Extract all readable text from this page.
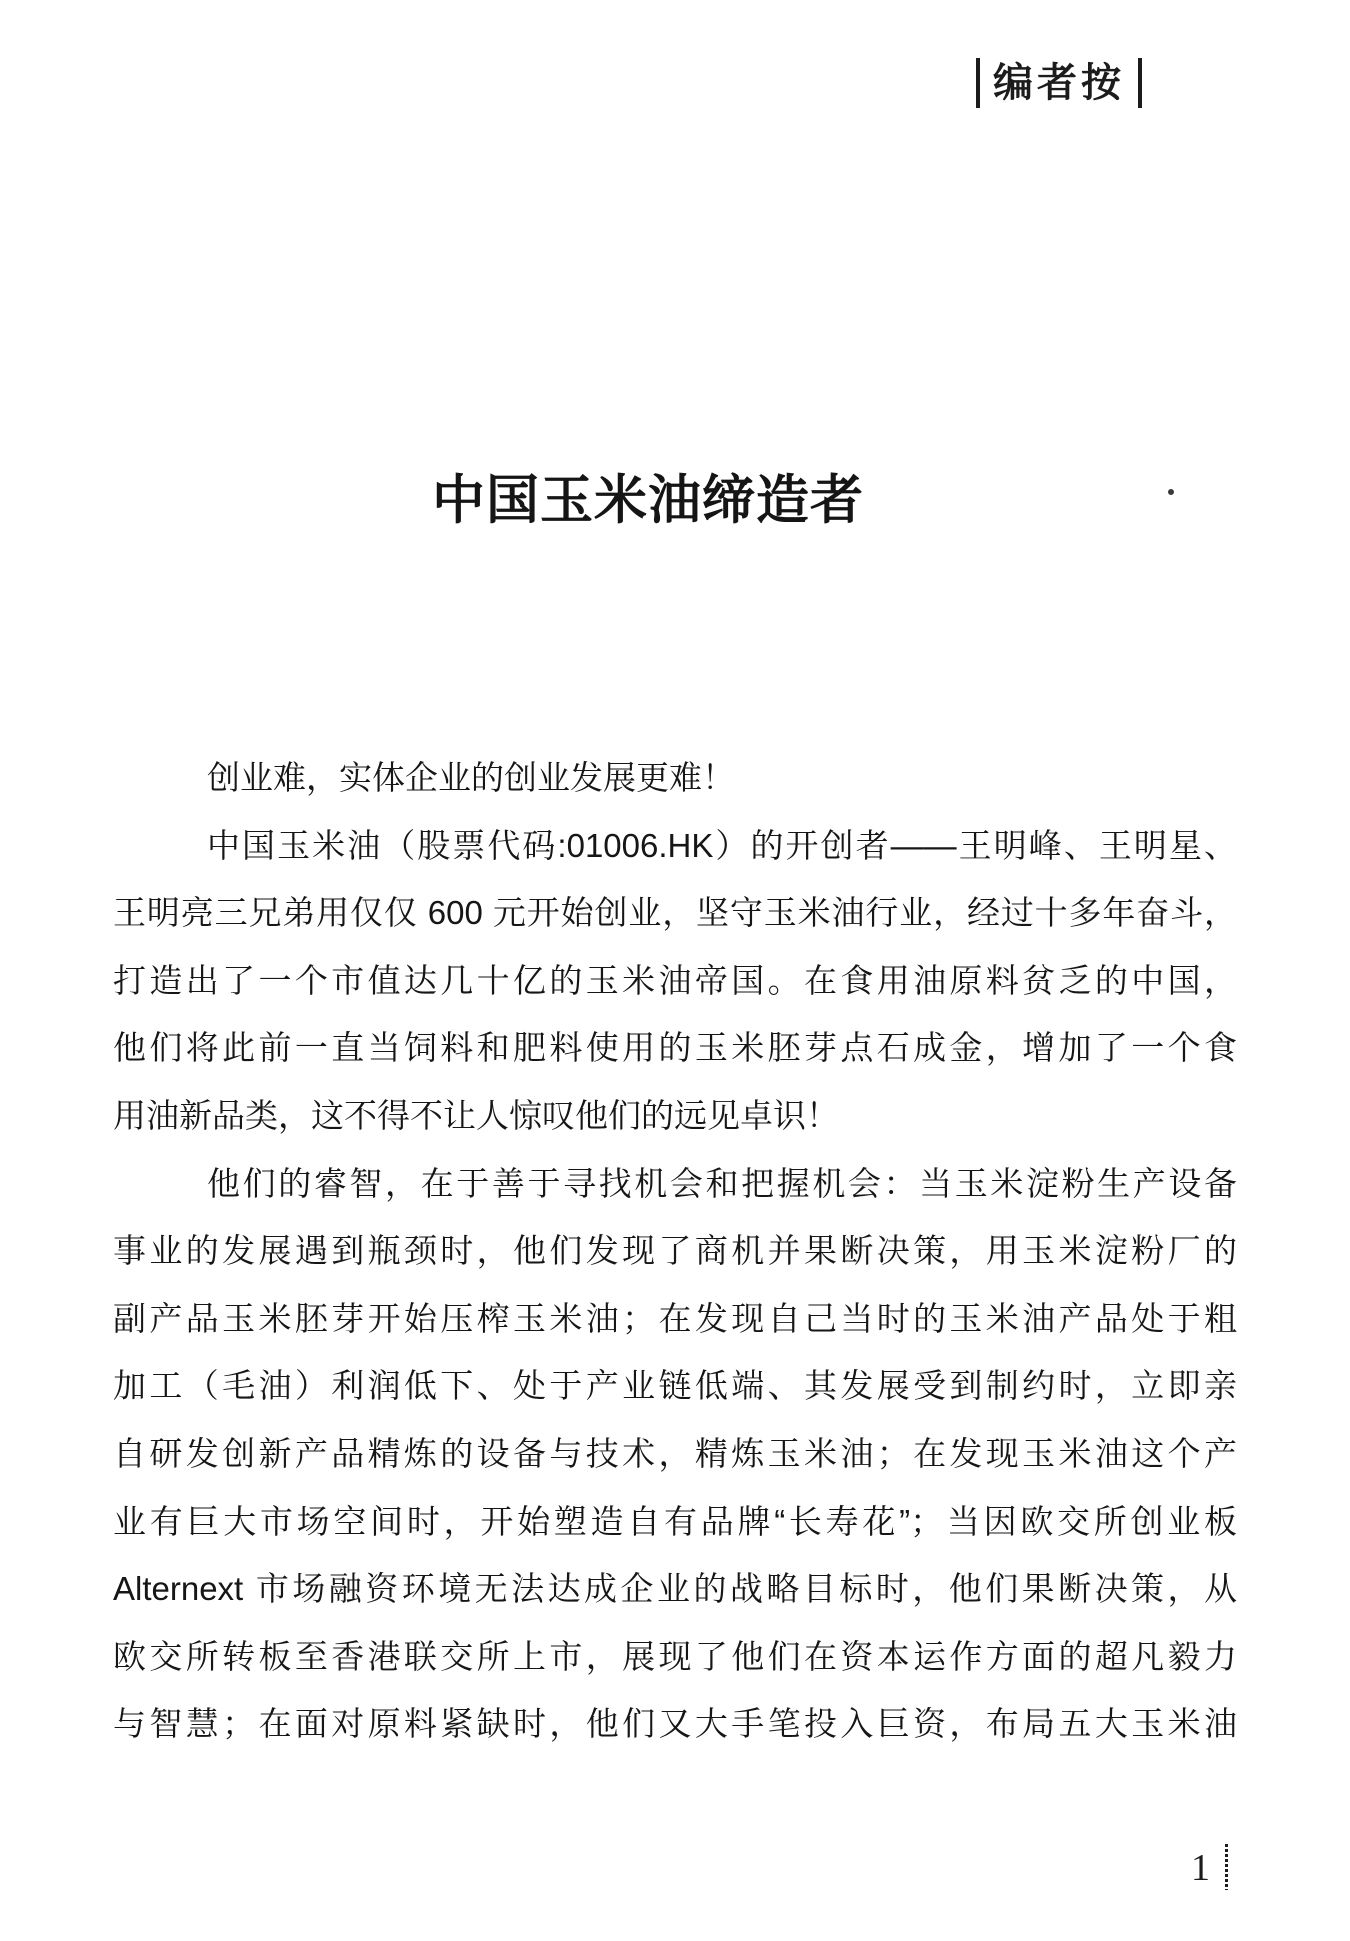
编者按
中国玉米油缔造者
创业难，实体企业的创业发展更难！
中国玉米油（股票代码:01006.HK）的开创者——王明峰、王明星、
王明亮三兄弟用仅仅 600 元开始创业，坚守玉米油行业，经过十多年奋斗，
打造出了一个市值达几十亿的玉米油帝国。在食用油原料贫乏的中国，
他们将此前一直当饲料和肥料使用的玉米胚芽点石成金，增加了一个食
用油新品类，这不得不让人惊叹他们的远见卓识！
他们的睿智，在于善于寻找机会和把握机会：当玉米淀粉生产设备
事业的发展遇到瓶颈时，他们发现了商机并果断决策，用玉米淀粉厂的
副产品玉米胚芽开始压榨玉米油；在发现自己当时的玉米油产品处于粗
加工（毛油）利润低下、处于产业链低端、其发展受到制约时，立即亲
自研发创新产品精炼的设备与技术，精炼玉米油；在发现玉米油这个产
业有巨大市场空间时，开始塑造自有品牌“长寿花”；当因欧交所创业板
Alternext 市场融资环境无法达成企业的战略目标时，他们果断决策，从
欧交所转板至香港联交所上市，展现了他们在资本运作方面的超凡毅力
与智慧；在面对原料紧缺时，他们又大手笔投入巨资，布局五大玉米油
1
